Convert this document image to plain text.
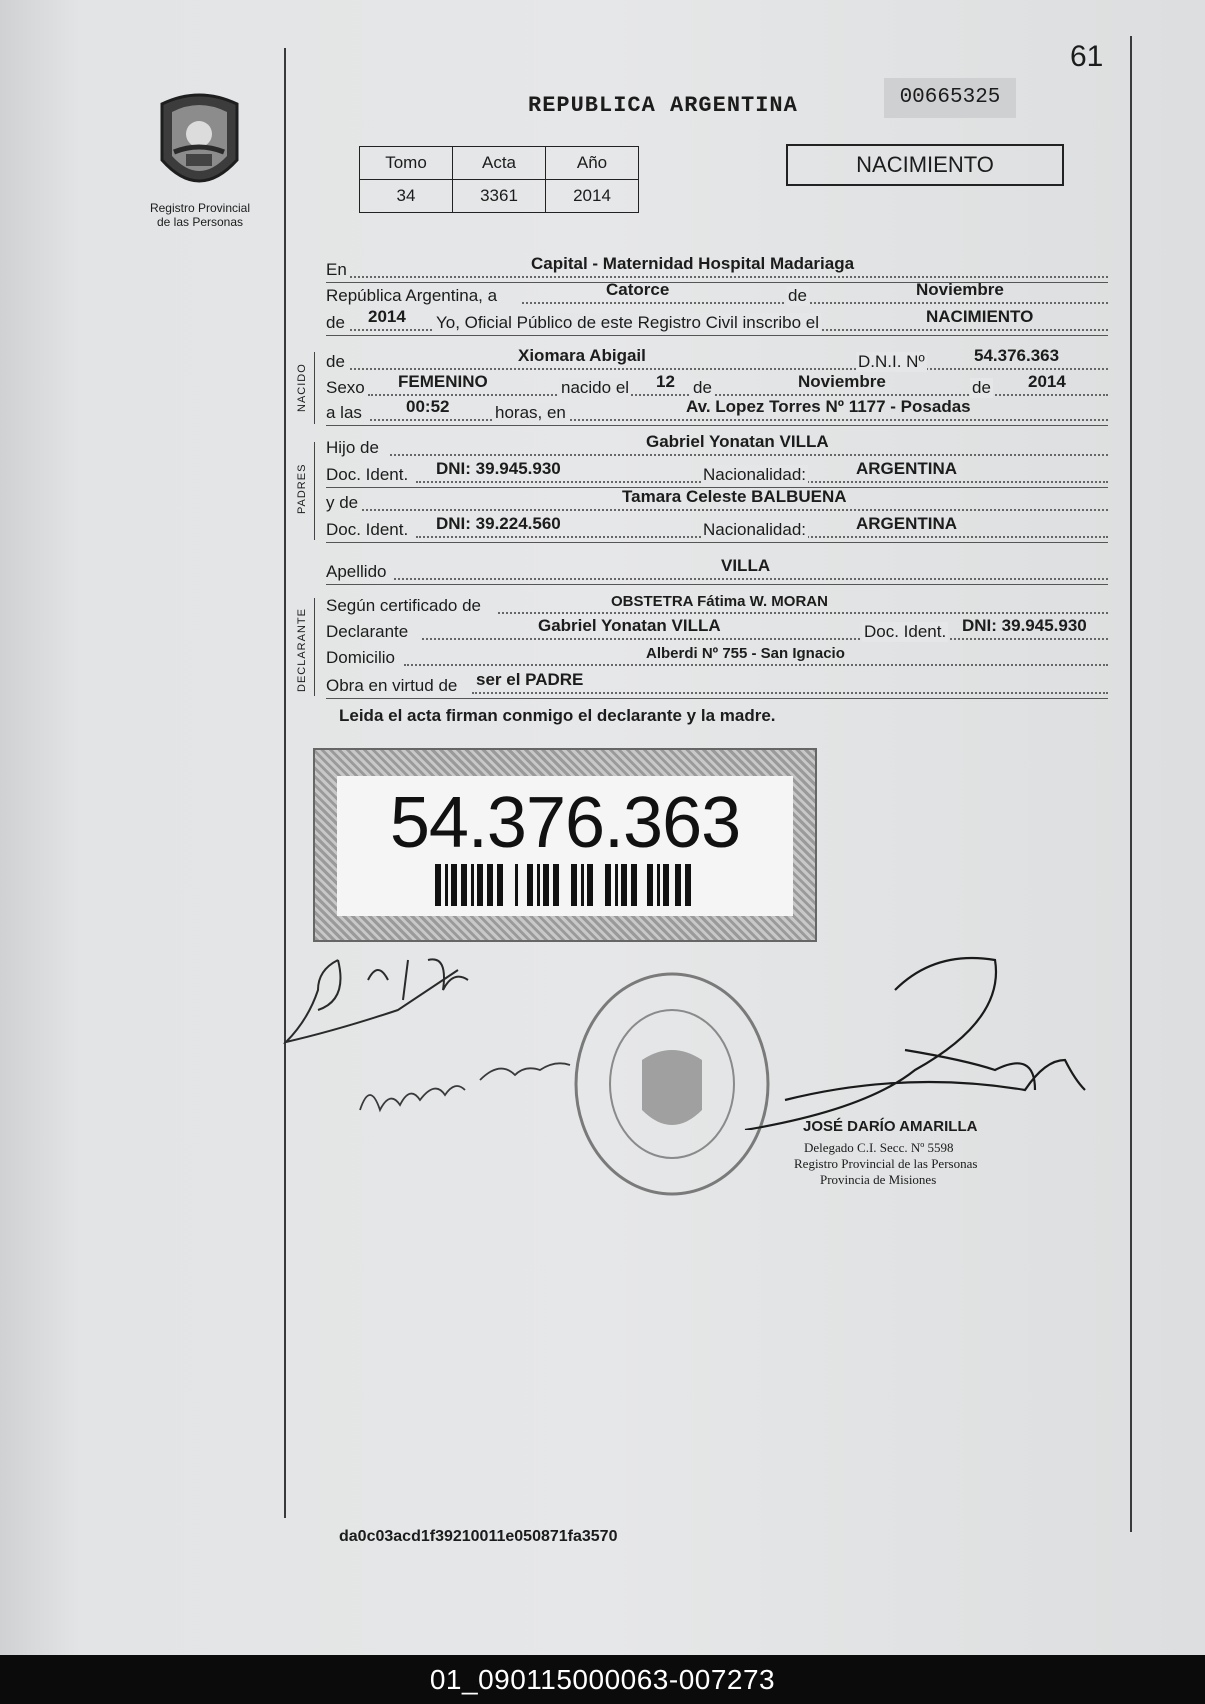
61
Registro Provincial
de las Personas
REPUBLICA ARGENTINA	00665325
Tomo	Acta	Año
34	3361	2014
NACIMIENTO
En	Capital - Maternidad Hospital Madariaga
República Argentina, a	Catorce	de	Noviembre
de 2014 Yo, Oficial Público de este Registro Civil inscribo el	NACIMIENTO
NACIDO
de	Xiomara Abigail	D.N.I. Nº	54.376.363
Sexo FEMENINO	nacido el 12 de	Noviembre	de 2014
a las	00:52	horas, en	Av. Lopez Torres Nº 1177 - Posadas
PADRES
Hijo de	Gabriel Yonatan VILLA
Doc. Ident. DNI: 39.945.930	Nacionalidad:	ARGENTINA
y de	Tamara Celeste BALBUENA
Doc. Ident. DNI: 39.224.560	Nacionalidad:	ARGENTINA
Apellido	VILLA
DECLARANTE
Según certificado de	OBSTETRA Fátima W. MORAN
Declarante	Gabriel Yonatan VILLA	Doc. Ident. DNI: 39.945.930
Domicilio	Alberdi Nº 755 - San Ignacio
Obra en virtud de ser el PADRE
Leida el acta firman conmigo el declarante y la madre.
54.376.363
JOSÉ DARÍO AMARILLA
Delegado C.I. Secc. Nº 5598
Registro Provincial de las Personas
Provincia de Misiones
da0c03acd1f39210011e050871fa3570
01_090115000063-007273
